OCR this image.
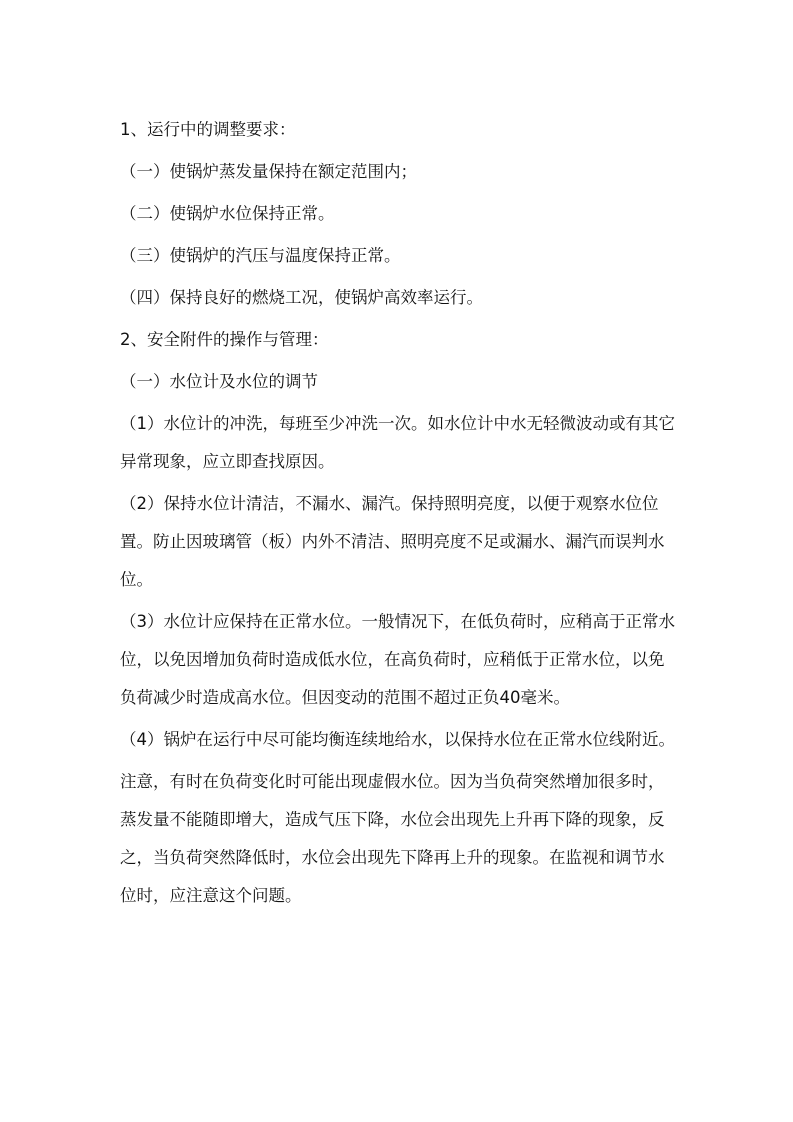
1、运行中的调整要求：

（一）使锅炉蒸发量保持在额定范围内；

（二）使锅炉水位保持正常。

（三）使锅炉的汽压与温度保持正常。

（四）保持良好的燃烧工况，使锅炉高效率运行。

2、安全附件的操作与管理：

（一）水位计及水位的调节

（1）水位计的冲洗，每班至少冲洗一次。如水位计中水无轻微波动或有其它异常现象，应立即查找原因。

（2）保持水位计清洁，不漏水、漏汽。保持照明亮度，以便于观察水位位置。防止因玻璃管（板）内外不清洁、照明亮度不足或漏水、漏汽而误判水位。

（3）水位计应保持在正常水位。一般情况下，在低负荷时，应稍高于正常水位，以免因增加负荷时造成低水位，在高负荷时，应稍低于正常水位，以免负荷减少时造成高水位。但因变动的范围不超过正负40毫米。

（4）锅炉在运行中尽可能均衡连续地给水，以保持水位在正常水位线附近。

注意，有时在负荷变化时可能出现虚假水位。因为当负荷突然增加很多时，蒸发量不能随即增大，造成气压下降，水位会出现先上升再下降的现象，反之，当负荷突然降低时，水位会出现先下降再上升的现象。在监视和调节水位时，应注意这个问题。
